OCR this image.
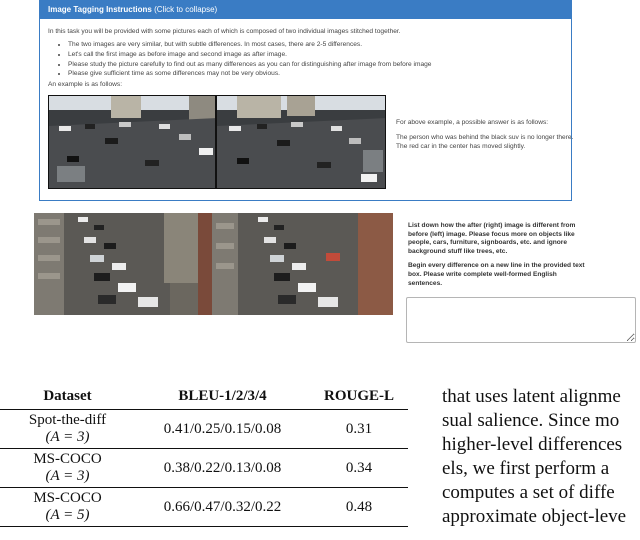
Image Tagging Instructions (Click to collapse)
In this task you will be provided with some pictures each of which is composed of two individual images stitched together.
• The two images are very similar, but with subtle differences. In most cases, there are 2-5 differences.
• Let's call the first image as before image and second image as after image.
• Please study the picture carefully to find out as many differences as you can for distinguishing after image from before image
• Please give sufficient time as some differences may not be very obvious.
An example is as follows:
For above example, a possible answer is as follows:
The person who was behind the black suv is no longer there.
The red car in the center has moved slightly.

List down how the after (right) image is different from before (left) image. Please focus more on objects like people, cars, furniture, signboards, etc. and ignore background stuff like trees, etc.

Begin every difference on a new line in the provided text box. Please write complete well-formed English sentences.

Dataset	BLEU-1/2/3/4	ROUGE-L

Spot-the-diff
(A = 3)	0.41/0.25/0.15/0.08	0.31

MS-COCO
(A = 3)	0.38/0.22/0.13/0.08	0.34

MS-COCO
(A = 5)	0.66/0.47/0.32/0.22	0.48
that uses latent alignme
sual salience. Since mo
higher-level differences
els, we first perform a
computes a set of diffe
approximate object-leve
